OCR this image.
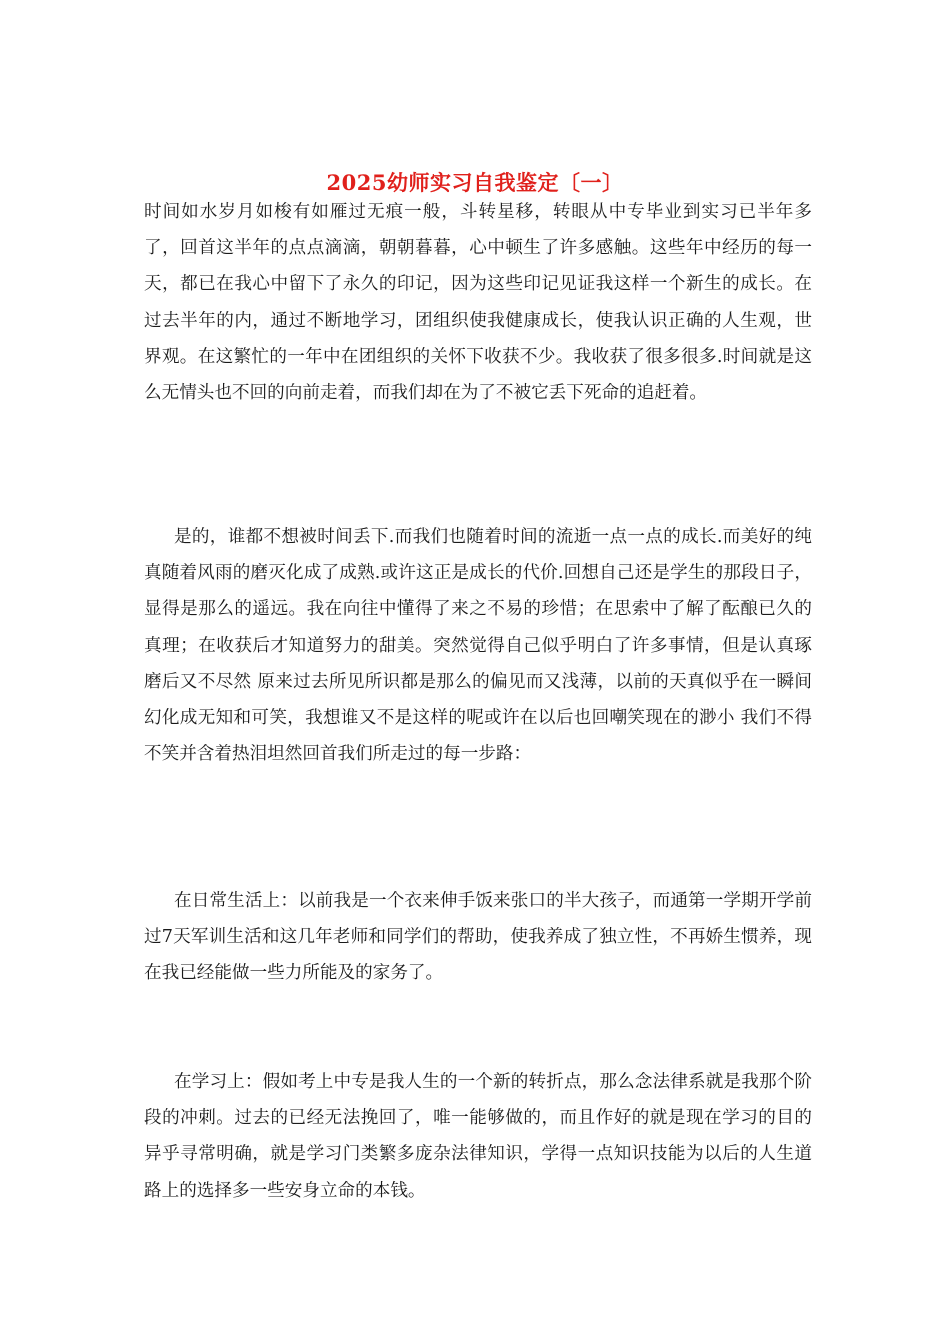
2025幼师实习自我鉴定〔一〕

时间如水岁月如梭有如雁过无痕一般，斗转星移，转眼从中专毕业到实习已半年多了，回首这半年的点点滴滴，朝朝暮暮，心中顿生了许多感触。这些年中经历的每一天，都已在我心中留下了永久的印记，因为这些印记见证我这样一个新生的成长。在过去半年的内，通过不断地学习，团组织使我健康成长，使我认识正确的人生观，世界观。在这繁忙的一年中在团组织的关怀下收获不少。我收获了很多很多.时间就是这么无情头也不回的向前走着，而我们却在为了不被它丢下死命的追赶着。

是的，谁都不想被时间丢下.而我们也随着时间的流逝一点一点的成长.而美好的纯真随着风雨的磨灭化成了成熟.或许这正是成长的代价.回想自己还是学生的那段日子，显得是那么的遥远。我在向往中懂得了来之不易的珍惜；在思索中了解了酝酿已久的真理；在收获后才知道努力的甜美。突然觉得自己似乎明白了许多事情，但是认真琢磨后又不尽然 原来过去所见所识都是那么的偏见而又浅薄，以前的天真似乎在一瞬间幻化成无知和可笑，我想谁又不是这样的呢或许在以后也回嘲笑现在的渺小 我们不得不笑并含着热泪坦然回首我们所走过的每一步路：

在日常生活上：以前我是一个衣来伸手饭来张口的半大孩子，而通第一学期开学前过7天军训生活和这几年老师和同学们的帮助，使我养成了独立性，不再娇生惯养，现在我已经能做一些力所能及的家务了。

在学习上：假如考上中专是我人生的一个新的转折点，那么念法律系就是我那个阶段的冲刺。过去的已经无法挽回了，唯一能够做的，而且作好的就是现在学习的目的异乎寻常明确，就是学习门类繁多庞杂法律知识，学得一点知识技能为以后的人生道路上的选择多一些安身立命的本钱。
